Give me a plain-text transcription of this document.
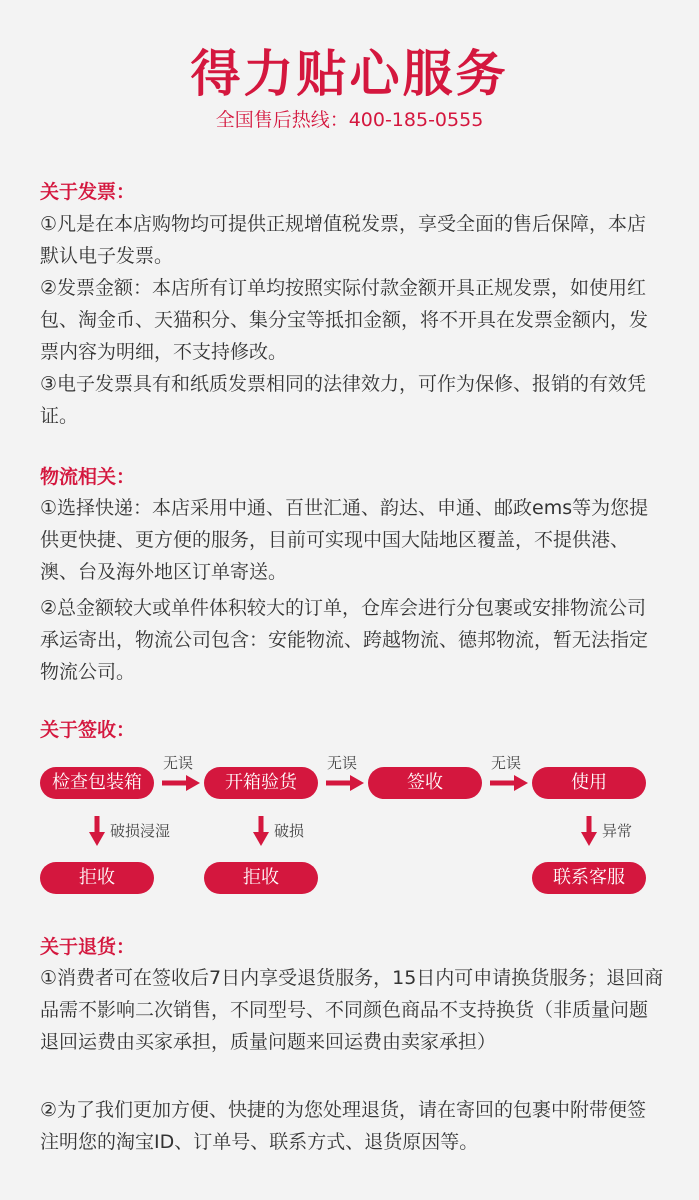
得力贴心服务
全国售后热线：400-185-0555
关于发票：

①凡是在本店购物均可提供正规增值税发票，享受全面的售后保障，本店默认电子发票。

②发票金额：本店所有订单均按照实际付款金额开具正规发票，如使用红包、淘金币、天猫积分、集分宝等抵扣金额，将不开具在发票金额内，发票内容为明细，不支持修改。

③电子发票具有和纸质发票相同的法律效力，可作为保修、报销的有效凭证。

物流相关：

①选择快递：本店采用中通、百世汇通、韵达、申通、邮政ems等为您提供更快捷、更方便的服务，目前可实现中国大陆地区覆盖，不提供港、澳、台及海外地区订单寄送。

②总金额较大或单件体积较大的订单，仓库会进行分包裹或安排物流公司承运寄出，物流公司包含：安能物流、跨越物流、德邦物流，暂无法指定物流公司。

关于签收：
检查包装箱	开箱验货	签收	使用
无误	无误	无误
破损浸湿	破损	异常
拒收	拒收	联系客服
关于退货：

①消费者可在签收后7日内享受退货服务，15日内可申请换货服务；退回商品需不影响二次销售，不同型号、不同颜色商品不支持换货（非质量问题退回运费由买家承担，质量问题来回运费由卖家承担）

②为了我们更加方便、快捷的为您处理退货，请在寄回的包裹中附带便签注明您的淘宝ID、订单号、联系方式、退货原因等。
